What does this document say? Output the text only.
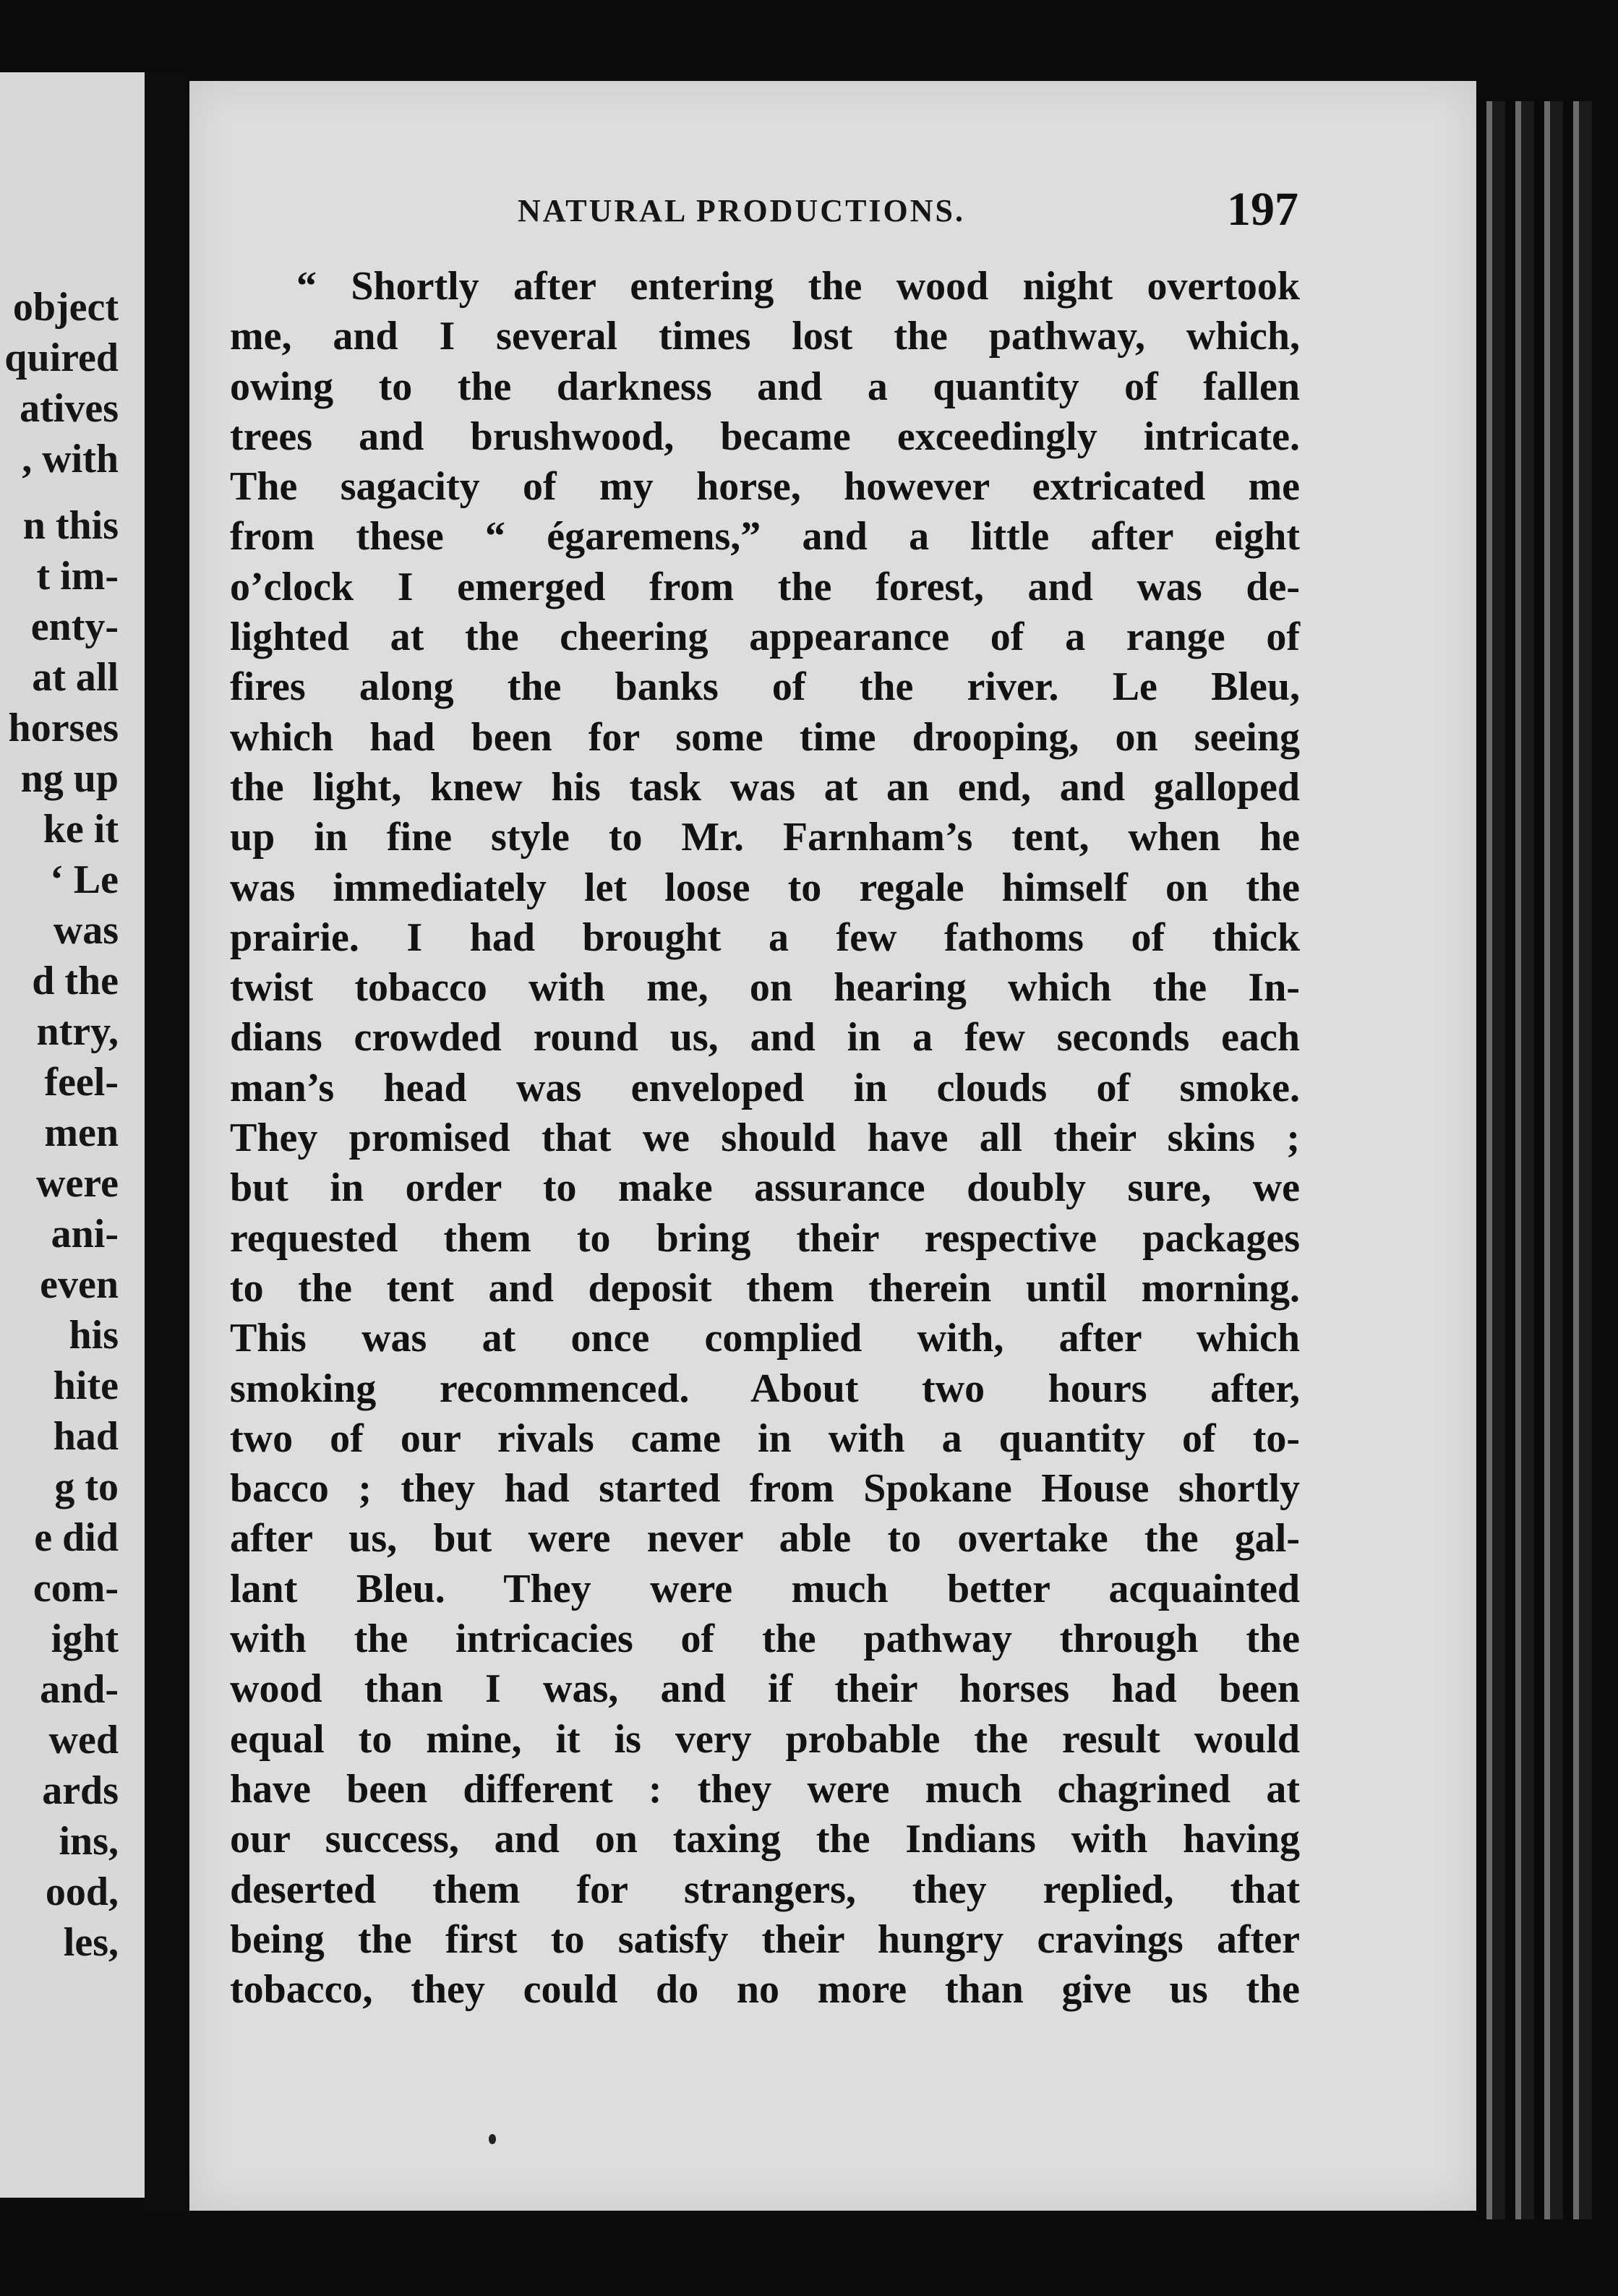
object
quired
atives
, with
n this
t im-
enty-
at all
horses
ng up
ke it
‘ Le
was
d the
ntry,
feel-
men
were
ani-
even
his
hite
had
g to
e did
com-
ight
and-
wed
ards
ins,
ood,
les,
NATURAL PRODUCTIONS.	197
“ Shortly after entering the wood night overtook
me, and I several times lost the pathway, which,
owing to the darkness and a quantity of fallen
trees and brushwood, became exceedingly intricate.
The sagacity of my horse, however extricated me
from these “ égaremens,” and a little after eight
o’clock I emerged from the forest, and was de-
lighted at the cheering appearance of a range of
fires along the banks of the river. Le Bleu,
which had been for some time drooping, on seeing
the light, knew his task was at an end, and galloped
up in fine style to Mr. Farnham’s tent, when he
was immediately let loose to regale himself on the
prairie. I had brought a few fathoms of thick
twist tobacco with me, on hearing which the In-
dians crowded round us, and in a few seconds each
man’s head was enveloped in clouds of smoke.
They promised that we should have all their skins ;
but in order to make assurance doubly sure, we
requested them to bring their respective packages
to the tent and deposit them therein until morning.
This was at once complied with, after which
smoking recommenced. About two hours after,
two of our rivals came in with a quantity of to-
bacco ; they had started from Spokane House shortly
after us, but were never able to overtake the gal-
lant Bleu. They were much better acquainted
with the intricacies of the pathway through the
wood than I was, and if their horses had been
equal to mine, it is very probable the result would
have been different : they were much chagrined at
our success, and on taxing the Indians with having
deserted them for strangers, they replied, that
being the first to satisfy their hungry cravings after
tobacco, they could do no more than give us the
